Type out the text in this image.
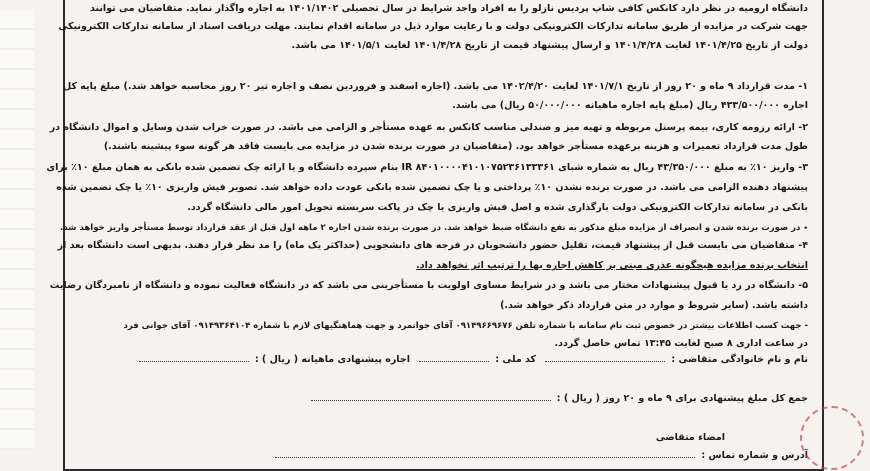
دانشگاه ارومیه در نظر دارد کانکس کافی شاپ پردیس نازلو را به افراد واجد شرایط در سال تحصیلی ۱۴۰۱/۱۴۰۲ به اجاره واگذار نماید. متقاضیان می توانند
جهت شرکت در مزایده از طریق سامانه تدارکات الکترونیکی دولت و با رعایت موارد ذیل در سامانه اقدام نمایند. مهلت دریافت اسناد از سامانه تدارکات الکترونیکی
دولت از تاریخ ۱۴۰۱/۴/۲۵ لغایت ۱۴۰۱/۴/۲۸ و ارسال پیشنهاد قیمت از تاریخ ۱۴۰۱/۴/۲۸ لغایت ۱۴۰۱/۵/۱ می باشد.
۱- مدت قرارداد ۹ ماه و ۲۰ روز از تاریخ ۱۴۰۱/۷/۱ لغایت ۱۴۰۲/۴/۲۰ می باشد. (اجاره اسفند و فروردین نصف و اجاره تیر ۲۰ روز محاسبه خواهد شد.) مبلغ پایه کل
اجاره ۴۳۳/۵۰۰/۰۰۰ ریال (مبلغ پایه اجاره ماهیانه ۵۰/۰۰۰/۰۰۰ ریال) می باشد.
۲- ارائه رزومه کاری، بیمه پرسنل مربوطه و تهیه میز و صندلی مناسب کانکس به عهده مستأجر و الزامی می باشد. در صورت خراب شدن وسایل و اموال دانشگاه در
طول مدت قرارداد تعمیرات و هزینه برعهده مستأجر خواهد بود. (متقاضیان در صورت برنده شدن در مزایده می بایست فاقد هر گونه سوء پیشینه باشند.)
۳- واریز ۱۰٪ به مبلغ ۴۳/۳۵۰/۰۰۰ ریال به شماره شبای IR ۸۴۰۱۰۰۰۰۴۱۰۱۰۷۵۲۳۶۱۳۳۳۶۱ بنام سپرده دانشگاه و یا ارائه چک تضمین شده بانکی به همان مبلغ ۱۰٪ برای
پیشنهاد دهنده الزامی می باشد. در صورت برنده نشدن ۱۰٪ پرداختی و یا چک تضمین شده بانکی عودت داده خواهد شد. تصویر فیش واریزی ۱۰٪ یا چک تضمین شده
بانکی در سامانه تدارکات الکترونیکی دولت بارگذاری شده و اصل فیش واریزی یا چک در پاکت سربسته تحویل امور مالی دانشگاه گردد.
٭ در صورت برنده شدن و انصراف از مزایده مبلغ مذکور به نفع دانشگاه ضبط خواهد شد. در صورت برنده شدن اجاره ۲ ماهه اول قبل از عقد قرارداد توسط مستأجر واریز خواهد شد.
۴- متقاضیان می بایست قبل از پیشنهاد قیمت، تقلیل حضور دانشجویان در فرجه های دانشجویی (حداکثر یک ماه) را مد نظر قرار دهند. بدیهی است دانشگاه بعد از
انتخاب برنده مزایده هیچگونه عذری مبنی بر کاهش اجاره بها را ترتیب اثر نخواهد داد.
۵- دانشگاه در رد یا قبول پیشنهادات مختار می باشد و در شرایط مساوی اولویت با مستأجرینی می باشد که در دانشگاه فعالیت نموده و دانشگاه از نامبردگان رضایت
داشته باشد. (سایر شروط و موارد در متن قرارداد ذکر خواهد شد.)
- جهت کسب اطلاعات بیشتر در خصوص ثبت نام سامانه با شماره تلفن ۰۹۱۴۹۶۶۹۶۷۶ آقای جوانمرد و جهت هماهنگیهای لازم با شماره ۰۹۱۴۹۳۶۴۱۰۴ آقای جوانی فرد
در ساعت اداری ۸ صبح لغایت ۱۳:۴۵ تماس حاصل گردد.
نام و نام خانوادگی متقاضی : کد ملی : اجاره پیشنهادی ماهیانه ( ریال ) :
جمع کل مبلغ پیشنهادی برای ۹ ماه و ۲۰ روز ( ریال ) :
امضاء متقاضی
آدرس و شماره تماس :
